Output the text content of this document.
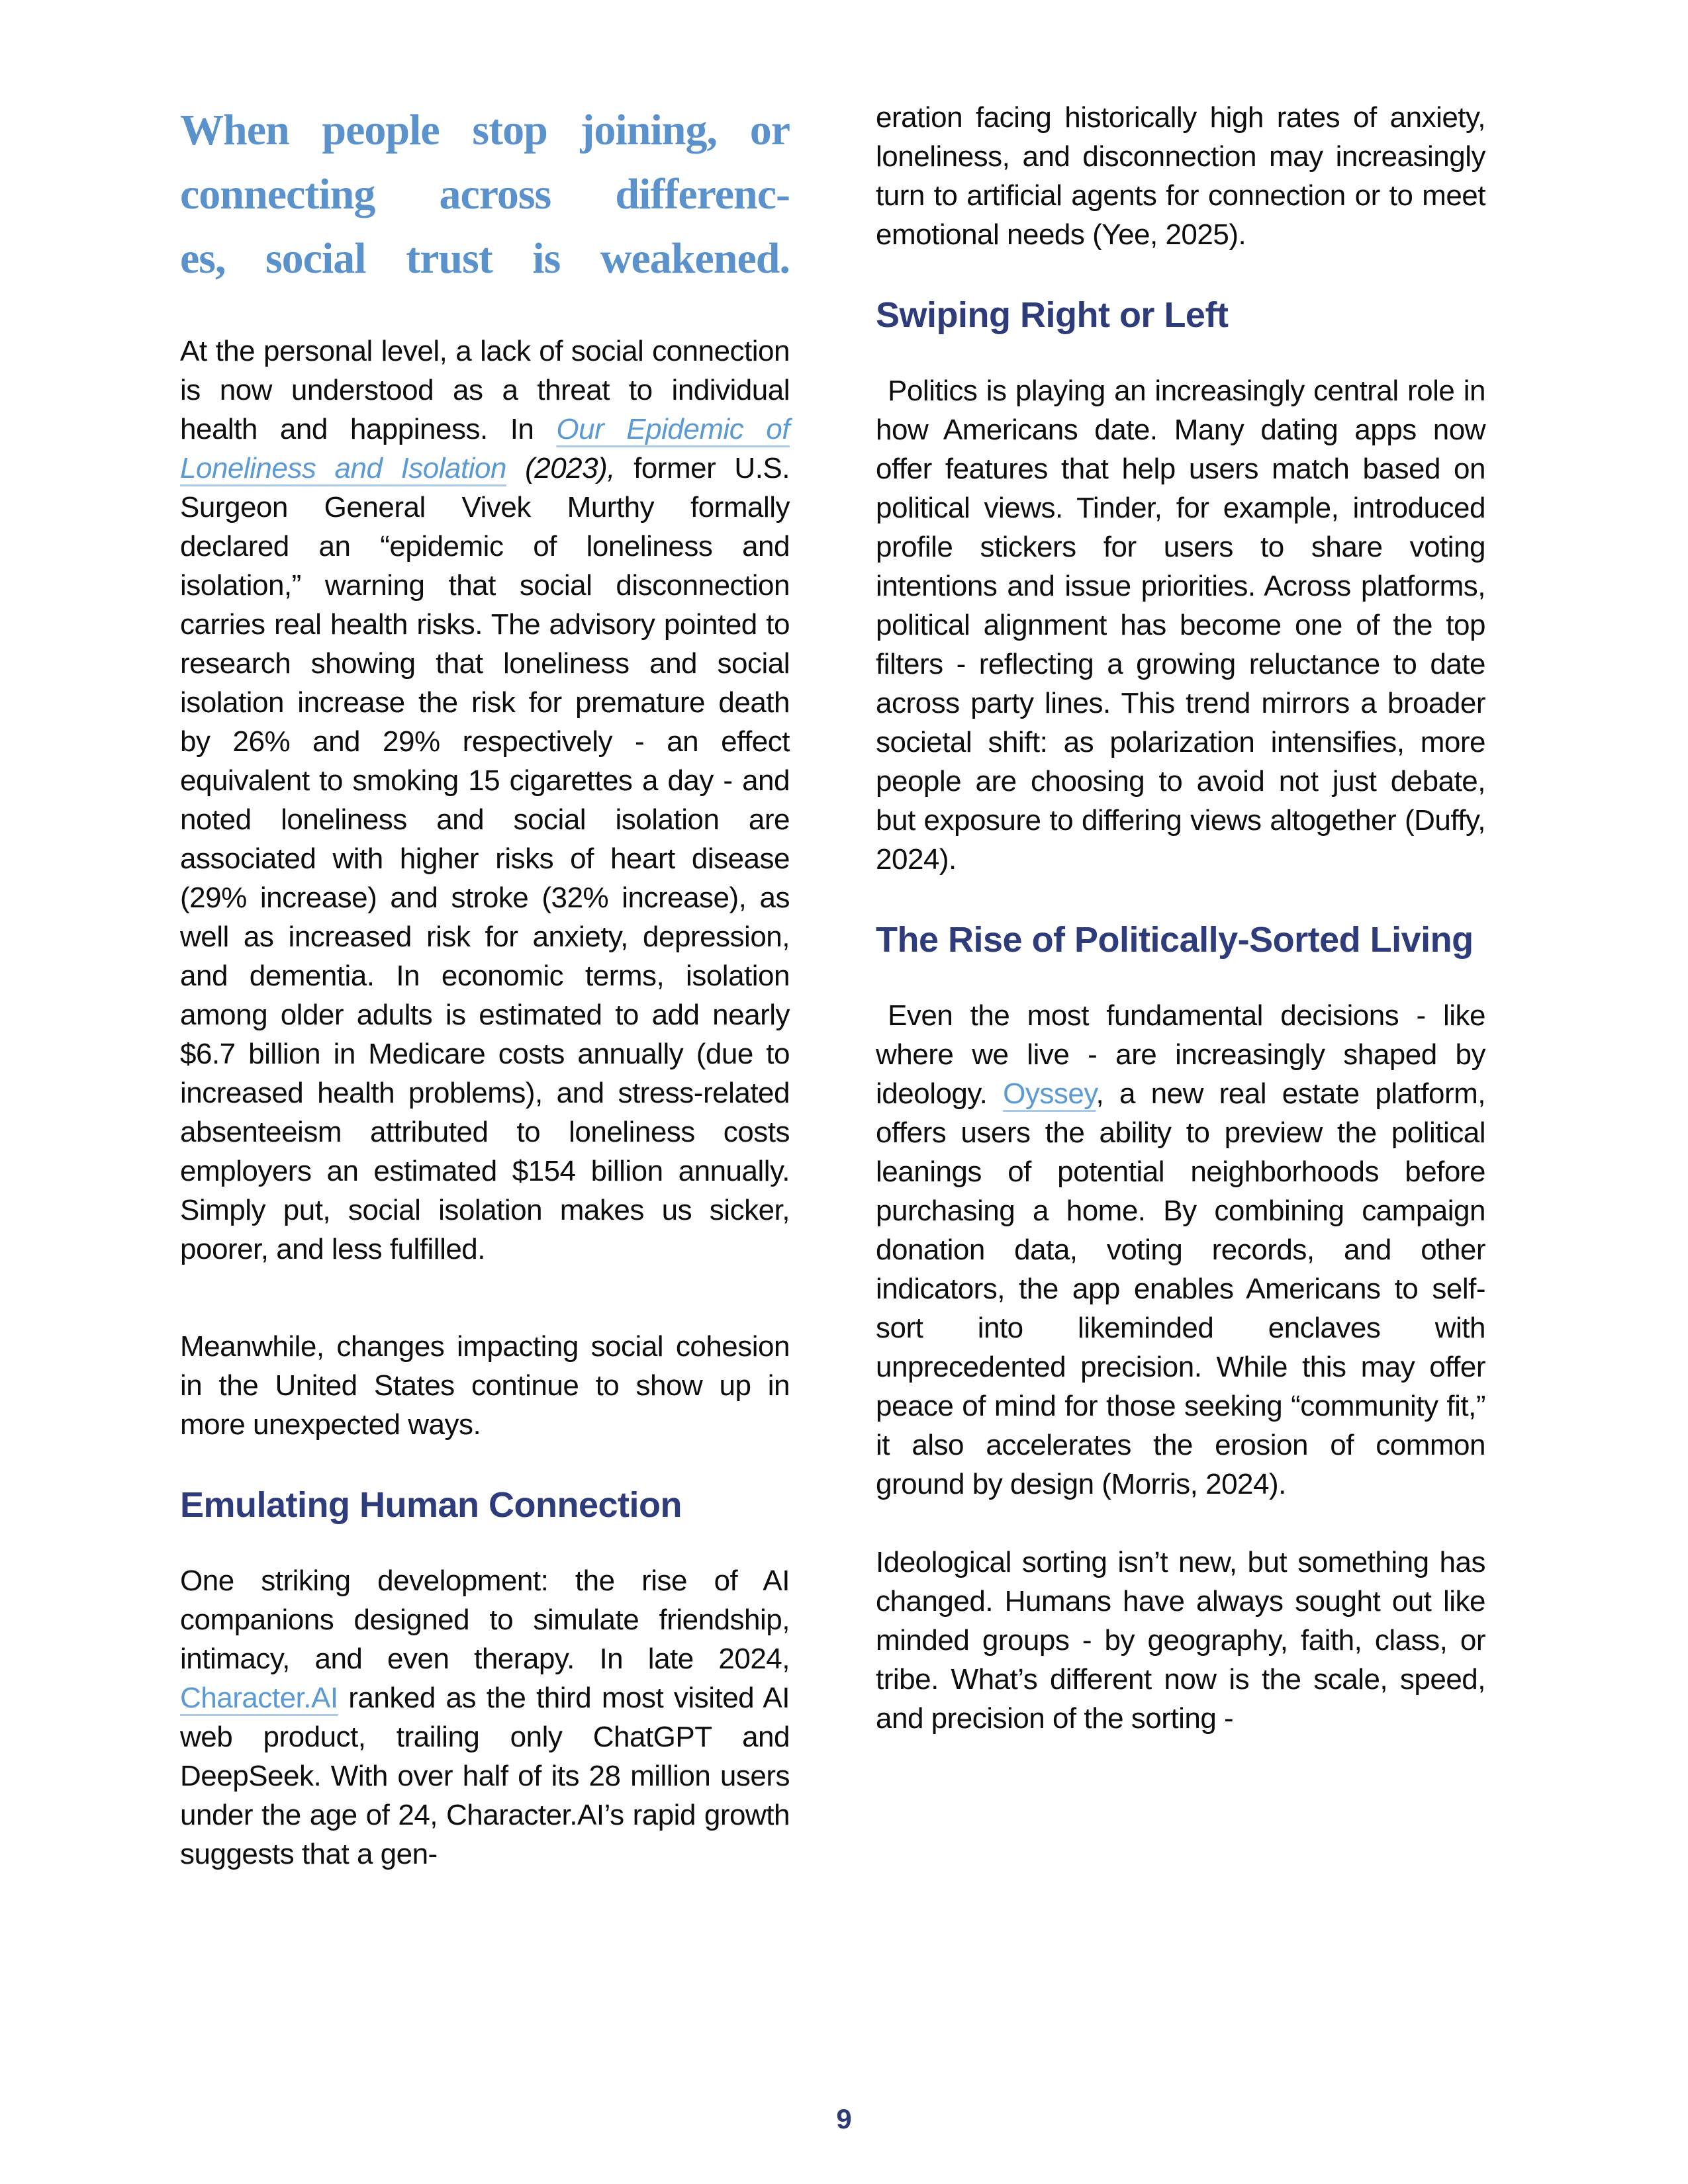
When people stop joining, or
connecting across differenc-
es, social trust is weakened.

At the personal level, a lack of social connection is now understood as a threat to individual health and happiness. In Our Epidemic of Loneliness and Isolation (2023), former U.S. Surgeon General Vivek Murthy formally declared an “epidemic of loneliness and isolation,” warning that social disconnection carries real health risks. The advisory pointed to research showing that loneliness and social isolation increase the risk for premature death by 26% and 29% respectively - an effect equivalent to smoking 15 cigarettes a day - and noted loneliness and social isolation are associated with higher risks of heart disease (29% increase) and stroke (32% increase), as well as increased risk for anxiety, depression, and dementia. In economic terms, isolation among older adults is estimated to add nearly $6.7 billion in Medicare costs annually (due to increased health problems), and stress-related absenteeism attributed to loneliness costs employers an estimated $154 billion annually. Simply put, social isolation makes us sicker, poorer, and less fulfilled.

Meanwhile, changes impacting social cohesion in the United States continue to show up in more unexpected ways.

Emulating Human Connection

One striking development: the rise of AI companions designed to simulate friendship, intimacy, and even therapy. In late 2024, Character.AI ranked as the third most visited AI web product, trailing only ChatGPT and DeepSeek. With over half of its 28 million users under the age of 24, Character.AI’s rapid growth suggests that a gen-

eration facing historically high rates of anxiety, loneliness, and disconnection may increasingly turn to artificial agents for connection or to meet emotional needs (Yee, 2025).

Swiping Right or Left

Politics is playing an increasingly central role in how Americans date. Many dating apps now offer features that help users match based on political views. Tinder, for example, introduced profile stickers for users to share voting intentions and issue priorities. Across platforms, political alignment has become one of the top filters - reflecting a growing reluctance to date across party lines. This trend mirrors a broader societal shift: as polarization intensifies, more people are choosing to avoid not just debate, but exposure to differing views altogether (Duffy, 2024).

The Rise of Politically-Sorted Living

Even the most fundamental decisions - like where we live - are increasingly shaped by ideology. Oyssey, a new real estate platform, offers users the ability to preview the political leanings of potential neighborhoods before purchasing a home. By combining campaign donation data, voting records, and other indicators, the app enables Americans to self-sort into likeminded enclaves with unprecedented precision. While this may offer peace of mind for those seeking “community fit,” it also accelerates the erosion of common ground by design (Morris, 2024).

Ideological sorting isn’t new, but something has changed. Humans have always sought out like minded groups - by geography, faith, class, or tribe. What’s different now is the scale, speed, and precision of the sorting -

9
